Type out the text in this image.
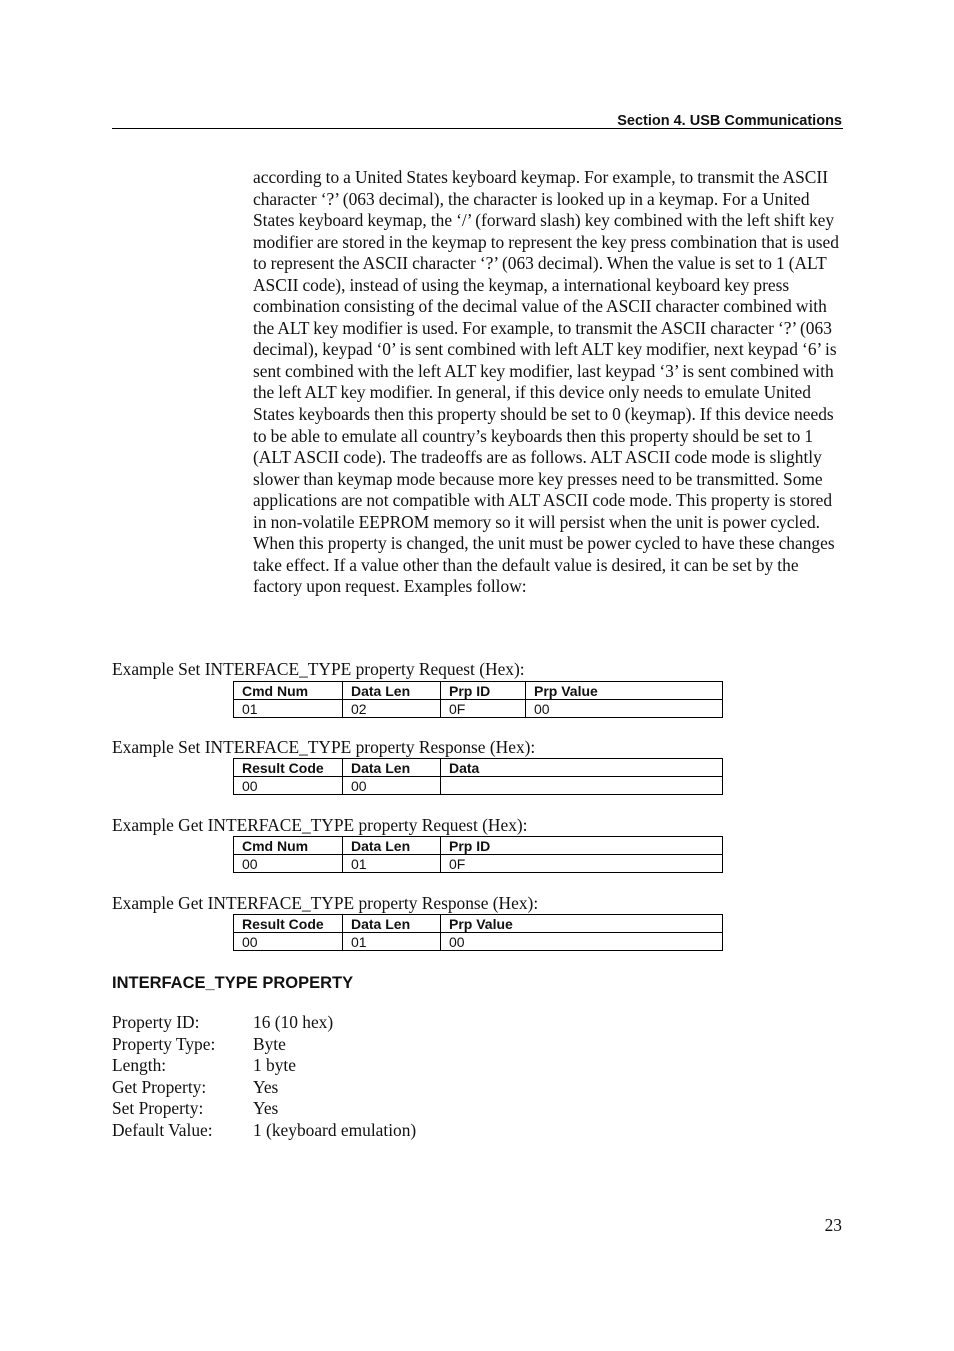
Section 4. USB Communications

according to a United States keyboard keymap. For example, to transmit the ASCII character ‘?’ (063 decimal), the character is looked up in a keymap. For a United States keyboard keymap, the ‘/’ (forward slash) key combined with the left shift key modifier are stored in the keymap to represent the key press combination that is used to represent the ASCII character ‘?’ (063 decimal). When the value is set to 1 (ALT ASCII code), instead of using the keymap, a international keyboard key press combination consisting of the decimal value of the ASCII character combined with the ALT key modifier is used. For example, to transmit the ASCII character ‘?’ (063 decimal), keypad ‘0’ is sent combined with left ALT key modifier, next keypad ‘6’ is sent combined with the left ALT key modifier, last keypad ‘3’ is sent combined with the left ALT key modifier. In general, if this device only needs to emulate United States keyboards then this property should be set to 0 (keymap). If this device needs to be able to emulate all country’s keyboards then this property should be set to 1 (ALT ASCII code). The tradeoffs are as follows. ALT ASCII code mode is slightly slower than keymap mode because more key presses need to be transmitted. Some applications are not compatible with ALT ASCII code mode. This property is stored in non-volatile EEPROM memory so it will persist when the unit is power cycled. When this property is changed, the unit must be power cycled to have these changes take effect. If a value other than the default value is desired, it can be set by the factory upon request. Examples follow:

Example Set INTERFACE_TYPE property Request (Hex):

Cmd Num	Data Len	Prp ID	Prp Value
01	02	0F	00

Example Set INTERFACE_TYPE property Response (Hex):

Result Code	Data Len	Data
00	00	

Example Get INTERFACE_TYPE property Request (Hex):

Cmd Num	Data Len	Prp ID
00	01	0F

Example Get INTERFACE_TYPE property Response (Hex):

Result Code	Data Len	Prp Value
00	01	00
INTERFACE_TYPE PROPERTY
Property ID:	16 (10 hex)
Property Type: Byte
Length:	1 byte
Get Property:	Yes
Set Property:	Yes
Default Value: 1 (keyboard emulation)
23
